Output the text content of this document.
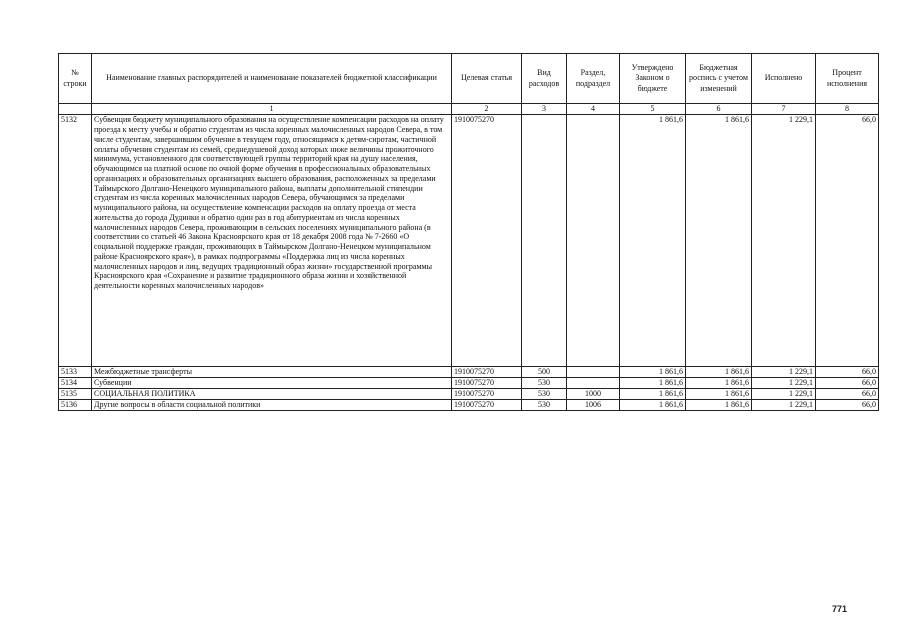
№ строки	Наименование главных распорядителей и наименование показателей бюджетной классификации	Целевая статья	Вид расходов	Раздел, подраздел	Утверждено Законом о бюджете	Бюджетная роспись с учетом изменений	Исполнено	Процент исполнения
	1	2	3	4	5	6	7	8
5132	Субвенция бюджету муниципального образования на осуществление компенсации расходов на оплату проезда к месту учебы и обратно студентам из числа коренных малочисленных народов Севера, в том числе студентам, завершившим обучение в текущем году, относящимся к детям-сиротам, частичной оплаты обучения студентам из семей, среднедушевой доход которых ниже величины прожиточного минимума, установленного для соответствующей группы территорий края на душу населения, обучающимся на платной основе по очной форме обучения в профессиональных образовательных организациях и образовательных организациях высшего образования, расположенных за пределами Таймырского Долгано-Ненецкого муниципального района, выплаты дополнительной стипендии студентам из числа коренных малочисленных народов Севера, обучающимся за пределами муниципального района, на осуществление компенсации расходов на оплату проезда от места жительства до города Дудинки и обратно один раз в год абитуриентам из числа коренных малочисленных народов Севера, проживающим в сельских поселениях муниципального района (в соответствии со статьей 46 Закона Красноярского края от 18 декабря 2008 года № 7-2660 «О социальной поддержке граждан, проживающих в Таймырском Долгано-Ненецком муниципальном районе Красноярского края»), в рамках подпрограммы «Поддержка лиц из числа коренных малочисленных народов и лиц, ведущих традиционный образ жизни» государственной программы Красноярского края «Сохранение и развитие традиционного образа жизни и хозяйственной деятельности коренных малочисленных народов»	1910075270			1 861,6	1 861,6	1 229,1	66,0
5133	Межбюджетные трансферты	1910075270	500		1 861,6	1 861,6	1 229,1	66,0
5134	Субвенции	1910075270	530		1 861,6	1 861,6	1 229,1	66,0
5135	СОЦИАЛЬНАЯ ПОЛИТИКА	1910075270	530	1000	1 861,6	1 861,6	1 229,1	66,0
5136	Другие вопросы в области социальной политики	1910075270	530	1006	1 861,6	1 861,6	1 229,1	66,0
771
